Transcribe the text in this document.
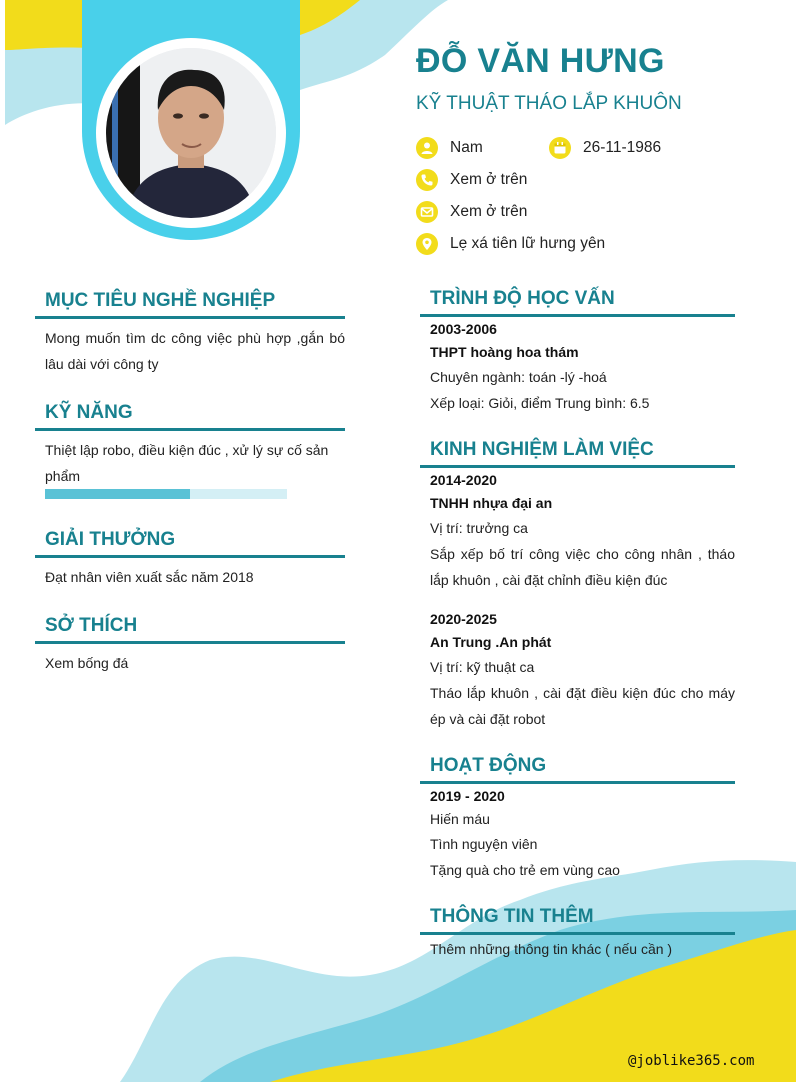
ĐỖ VĂN HƯNG
KỸ THUẬT THÁO LẮP KHUÔN
Nam	26-11-1986
Xem ở trên
Xem ở trên
Lẹ xá tiên lữ hưng yên
MỤC TIÊU NGHỀ NGHIỆP
Mong muốn tìm dc công việc phù hợp ,gắn bó lâu dài với công ty
KỸ NĂNG
Thiệt lập robo, điều kiện đúc , xử lý sự cố sản phẩm
GIẢI THƯỞNG
Đạt nhân viên xuất sắc năm 2018
SỞ THÍCH
Xem bống đá
TRÌNH ĐỘ HỌC VẤN
2003-2006
THPT hoàng hoa thám
Chuyên ngành: toán -lý -hoá
Xếp loại: Giỏi, điểm Trung bình: 6.5
KINH NGHIỆM LÀM VIỆC
2014-2020
TNHH nhựa đại an
Vị trí: trưởng ca
Sắp xếp bố trí công việc cho công nhân , tháo lắp khuôn , cài đặt chỉnh điều kiện đúc
2020-2025
An Trung .An phát
Vị trí: kỹ thuật ca
Tháo lắp khuôn , cài đặt điều kiện đúc cho máy ép và cài đặt robot
HOẠT ĐỘNG
2019 - 2020
Hiến máu
Tình nguyện viên
Tặng quà cho trẻ em vùng cao
THÔNG TIN THÊM
Thêm những thông tin khác ( nếu cần )
@joblike365.com
